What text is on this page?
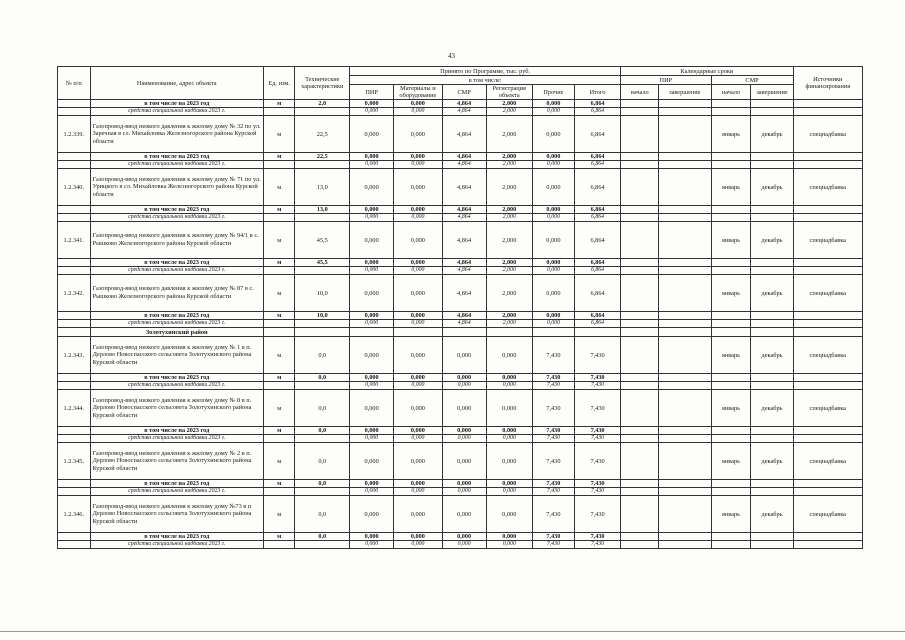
43
№ п/п	Наименование, адрес объекта	Ед. изм.	Технические характеристики	Принято по Программе, тыс. руб.						Календарные сроки				Источники финансирования
				в том числе:						ПИР		СМР		
				ПИР	Материалы и оборудование	СМР	Регистрация объекта	Прочие	Итого	начало	завершение	начало	завершение	

	в том числе на 2023 год	м	2,0	0,000	0,000	4,864	2,000	0,000	6,864					
	средства специальной надбавки 2023 г.			0,000	0,000	4,864	2,000	0,000	6,864					
1.2.339.	Газопровод-ввод низкого давления к жилому дому № 32 по ул. Заречная в сл. Михайловка Железногорского района Курской области	м	22,5	0,000	0,000	4,864	2,000	0,000	6,864			январь	декабрь	спецнадбавка
	в том числе на 2023 год	м	22,5	0,000	0,000	4,864	2,000	0,000	6,864					
	средства специальной надбавки 2023 г.			0,000	0,000	4,864	2,000	0,000	6,864					
1.2.340.	Газопровод-ввод низкого давления к жилому дому № 71 по ул. Урицкого в сл. Михайловка Железногорского района Курской области	м	13,0	0,000	0,000	4,864	2,000	0,000	6,864			январь	декабрь	спецнадбавка
	в том числе на 2023 год	м	13,0	0,000	0,000	4,864	2,000	0,000	6,864					
	средства специальной надбавки 2023 г.			0,000	0,000	4,864	2,000	0,000	6,864					
1.2.341.	Газопровод-ввод низкого давления к жилому дому № 94/1 в с. Рышково Железногорского района Курской области	м	45,5	0,000	0,000	4,864	2,000	0,000	6,864			январь	декабрь	спецнадбавка
	в том числе на 2023 год	м	45,5	0,000	0,000	4,864	2,000	0,000	6,864					
	средства специальной надбавки 2023 г.			0,000	0,000	4,864	2,000	0,000	6,864					
1.2.342.	Газопровод-ввод низкого давления к жилому дому № 87 в с. Рышково Железногорского района Курской области	м	10,0	0,000	0,000	4,864	2,000	0,000	6,864			январь	декабрь	спецнадбавка
	в том числе на 2023 год	м	10,0	0,000	0,000	4,864	2,000	0,000	6,864					
	средства специальной надбавки 2023 г.			0,000	0,000	4,864	2,000	0,000	6,864					
	Золотухинский район													
1.2.343.	Газопровод-ввод низкого давления к жилому дому № 1 в п. Дерлово Новоспасского сельсовета Золотухинского района Курской области	м	0,0	0,000	0,000	0,000	0,000	7,430	7,430			январь	декабрь	спецнадбавка
	в том числе на 2023 год	м	0,0	0,000	0,000	0,000	0,000	7,430	7,430					
	средства специальной надбавки 2023 г.			0,000	0,000	0,000	0,000	7,430	7,430					
1.2.344.	Газопровод-ввод низкого давления к жилому дому № 8 в п. Дерлово Новоспасского сельсовета Золотухинского района Курской области	м	0,0	0,000	0,000	0,000	0,000	7,430	7,430			январь	декабрь	спецнадбавка
	в том числе на 2023 год	м	0,0	0,000	0,000	0,000	0,000	7,430	7,430					
	средства специальной надбавки 2023 г.			0,000	0,000	0,000	0,000	7,430	7,430					
1.2.345.	Газопровод-ввод низкого давления к жилому дому № 2 в п. Дерлово Новоспасского сельсовета Золотухинского района Курской области	м	0,0	0,000	0,000	0,000	0,000	7,430	7,430			январь	декабрь	спецнадбавка
	в том числе на 2023 год	м	0,0	0,000	0,000	0,000	0,000	7,430	7,430					
	средства специальной надбавки 2023 г.			0,000	0,000	0,000	0,000	7,430	7,430					
1.2.346.	Газопровод-ввод низкого давления к жилому дому №73 в п Дерлово Новоспасского сельсовета Золотухинского района Курской области	м	0,0	0,000	0,000	0,000	0,000	7,430	7,430			январь	декабрь	спецнадбавка
	в том числе на 2023 год	м	0,0	0,000	0,000	0,000	0,000	7,430	7,430					
	средства специальной надбавки 2023 г.			0,000	0,000	0,000	0,000	7,430	7,430					
